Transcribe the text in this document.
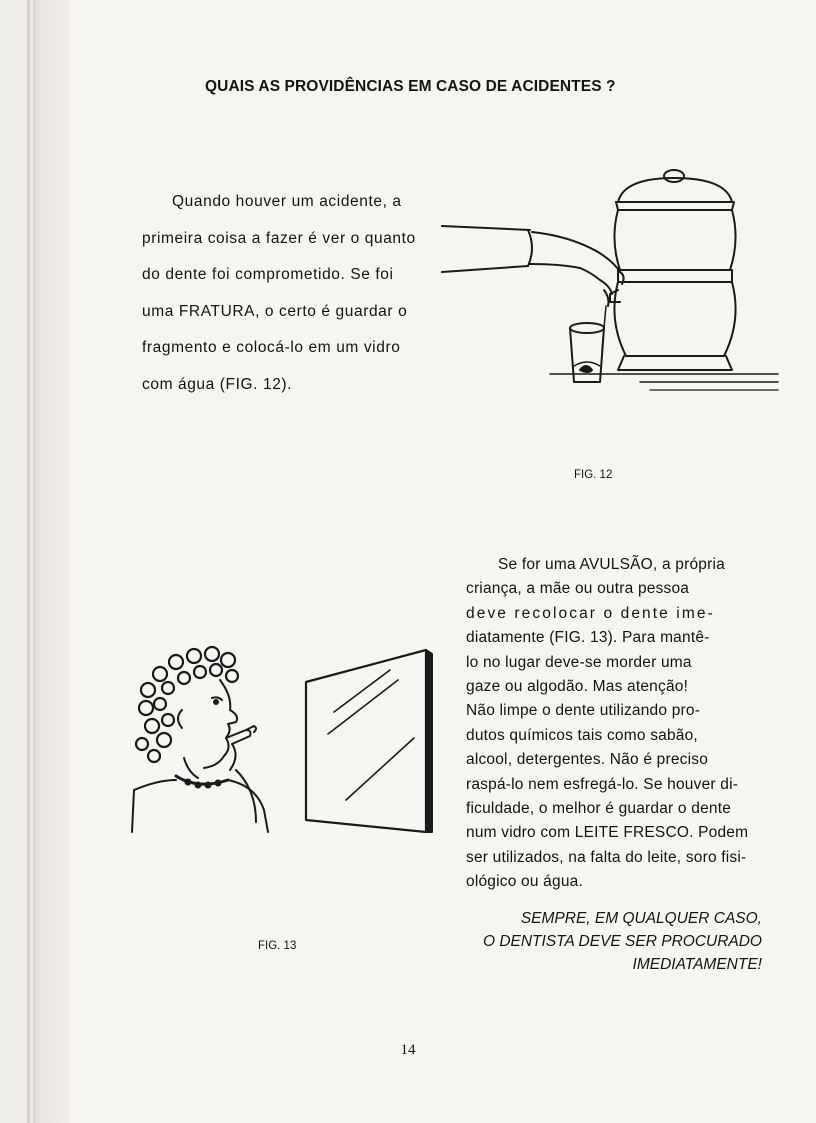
QUAIS AS PROVIDÊNCIAS EM CASO DE ACIDENTES ?
Quando houver um acidente, a
primeira coisa a fazer é ver o quanto
do dente foi comprometido. Se foi
uma FRATURA, o certo é guardar o
fragmento e colocá-lo em um vidro
com água (FIG. 12).
FIG. 12
Se for uma AVULSÃO, a própria
criança, a mãe ou outra pessoa
deve recolocar o dente ime-
diatamente (FIG. 13). Para mantê-
lo no lugar deve-se morder uma
gaze ou algodão. Mas atenção!
Não limpe o dente utilizando pro-
dutos químicos tais como sabão,
alcool, detergentes. Não é preciso
raspá-lo nem esfregá-lo. Se houver di-
ficuldade, o melhor é guardar o dente
num vidro com LEITE FRESCO. Podem
ser utilizados, na falta do leite, soro fisi-
ológico ou água.
FIG. 13
SEMPRE, EM QUALQUER CASO,
O DENTISTA DEVE SER PROCURADO
IMEDIATAMENTE!
14
